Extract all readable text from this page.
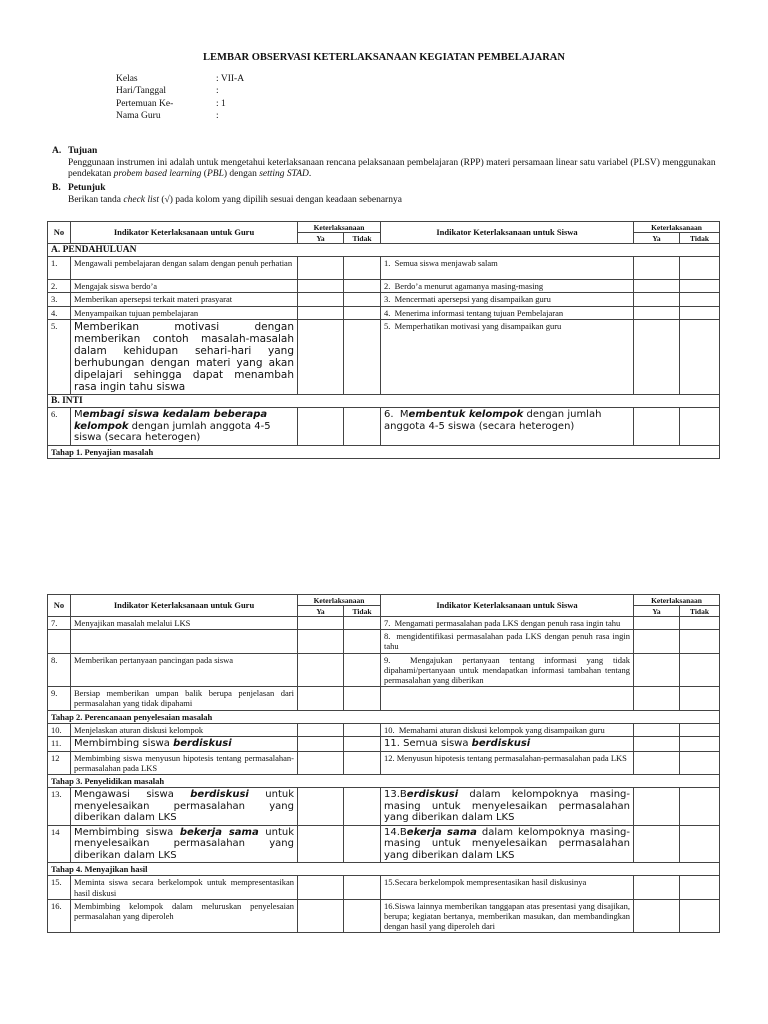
LEMBAR OBSERVASI KETERLAKSANAAN KEGIATAN PEMBELAJARAN
Kelas	: VII-A
Hari/Tanggal	:
Pertemuan Ke-	: 1
Nama Guru	:
A. Tujuan
Penggunaan instrumen ini adalah untuk mengetahui keterlaksanaan rencana pelaksanaan pembelajaran (RPP) materi persamaan linear satu variabel (PLSV) menggunakan pendekatan probem based learning (PBL) dengan setting STAD.
B. Petunjuk
Berikan tanda check list (√) pada kolom yang dipilih sesuai dengan keadaan sebenarnya
No	Indikator Keterlaksanaan untuk Guru	Keterlaksanaan		Indikator Keterlaksanaan untuk Siswa	Keterlaksanaan	
		Ya	Tidak		Ya	Tidak
A. PENDAHULUAN						
1.	Mengawali pembelajaran dengan salam dengan penuh perhatian			1. Semua siswa menjawab salam		
2.	Mengajak siswa berdo’a			2. Berdo’a menurut agamanya masing-masing		
3.	Memberikan apersepsi terkait materi prasyarat			3. Mencermati apersepsi yang disampaikan guru		
4.	Menyampaikan tujuan pembelajaran			4. Menerima informasi tentang tujuan Pembelajaran		
5.	Memberikan motivasi dengan memberikan contoh masalah-masalah dalam kehidupan sehari-hari yang berhubungan dengan materi yang akan dipelajari sehingga dapat menambah rasa ingin tahu siswa			5. Memperhatikan motivasi yang disampaikan guru		
B. INTI						
6.	Membagi siswa kedalam beberapa kelompok dengan jumlah anggota 4-5 siswa (secara heterogen)			6. Membentuk kelompok dengan jumlah anggota 4-5 siswa (secara heterogen)		
Tahap 1. Penyajian masalah						
No	Indikator Keterlaksanaan untuk Guru	Keterlaksanaan		Indikator Keterlaksanaan untuk Siswa	Keterlaksanaan	
		Ya	Tidak		Ya	Tidak
7.	Menyajikan masalah melalui LKS			7. Mengamati permasalahan pada LKS dengan penuh rasa ingin tahu		
				8. mengidentifikasi permasalahan pada LKS dengan penuh rasa ingin tahu		
8.	Memberikan pertanyaan pancingan pada siswa			9. Mengajukan pertanyaan tentang informasi yang tidak dipahami/pertanyaan untuk mendapatkan informasi tambahan tentang permasalahan yang diberikan		
9.	Bersiap memberikan umpan balik berupa penjelasan dari permasalahan yang tidak dipahami					
Tahap 2. Perencanaan penyelesaian masalah						
10.	Menjelaskan aturan diskusi kelompok			10. Memahami aturan diskusi kelompok yang disampaikan guru		
11.	Membimbing siswa berdiskusi			11. Semua siswa berdiskusi		
12	Membimbing siswa menyusun hipotesis tentang permasalahan-permasalahan pada LKS			12. Menyusun hipotesis tentang permasalahan-permasalahan pada LKS		
Tahap 3. Penyelidikan masalah						
13.	Mengawasi siswa berdiskusi untuk menyelesaikan permasalahan yang diberikan dalam LKS			13.Berdiskusi dalam kelompoknya masing-masing untuk menyelesaikan permasalahan yang diberikan dalam LKS		
14	Membimbing siswa bekerja sama untuk menyelesaikan permasalahan yang diberikan dalam LKS			14.Bekerja sama dalam kelompoknya masing-masing untuk menyelesaikan permasalahan yang diberikan dalam LKS		
Tahap 4. Menyajikan hasil						
15.	Meminta siswa secara berkelompok untuk mempresentasikan hasil diskusi			15.Secara berkelompok mempresentasikan hasil diskusinya		
16.	Membimbing kelompok dalam meluruskan penyelesaian permasalahan yang diperoleh			16.Siswa lainnya memberikan tanggapan atas presentasi yang disajikan, berupa; kegiatan bertanya, memberikan masukan, dan membandingkan dengan hasil yang diperoleh dari		
